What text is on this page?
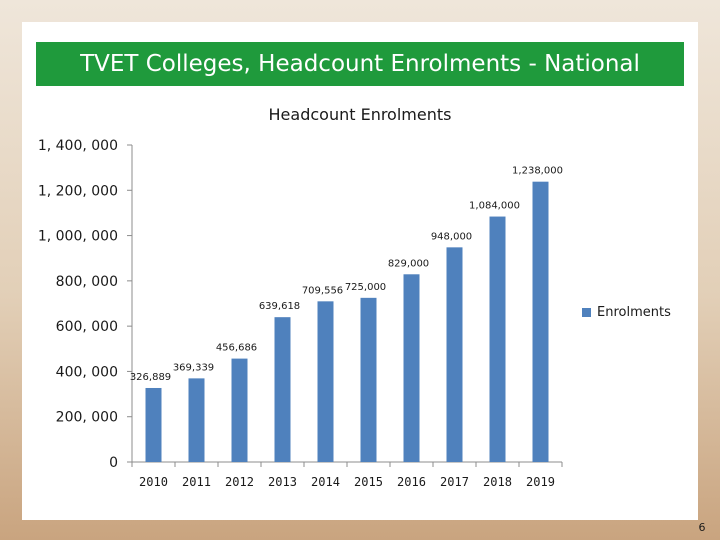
TVET Colleges, Headcount Enrolments - National
Headcount Enrolments
0
200, 000
400, 000
600, 000
800, 000
1, 000, 000
1, 200, 000
1, 400, 000
2010 2011 2012 2013 2014 2015 2016 2017 2018 2019
326,889
369,339
456,686
639,618
709,556 725,000
829,000
948,000
1,084,000
1,238,000
Enrolments
6
